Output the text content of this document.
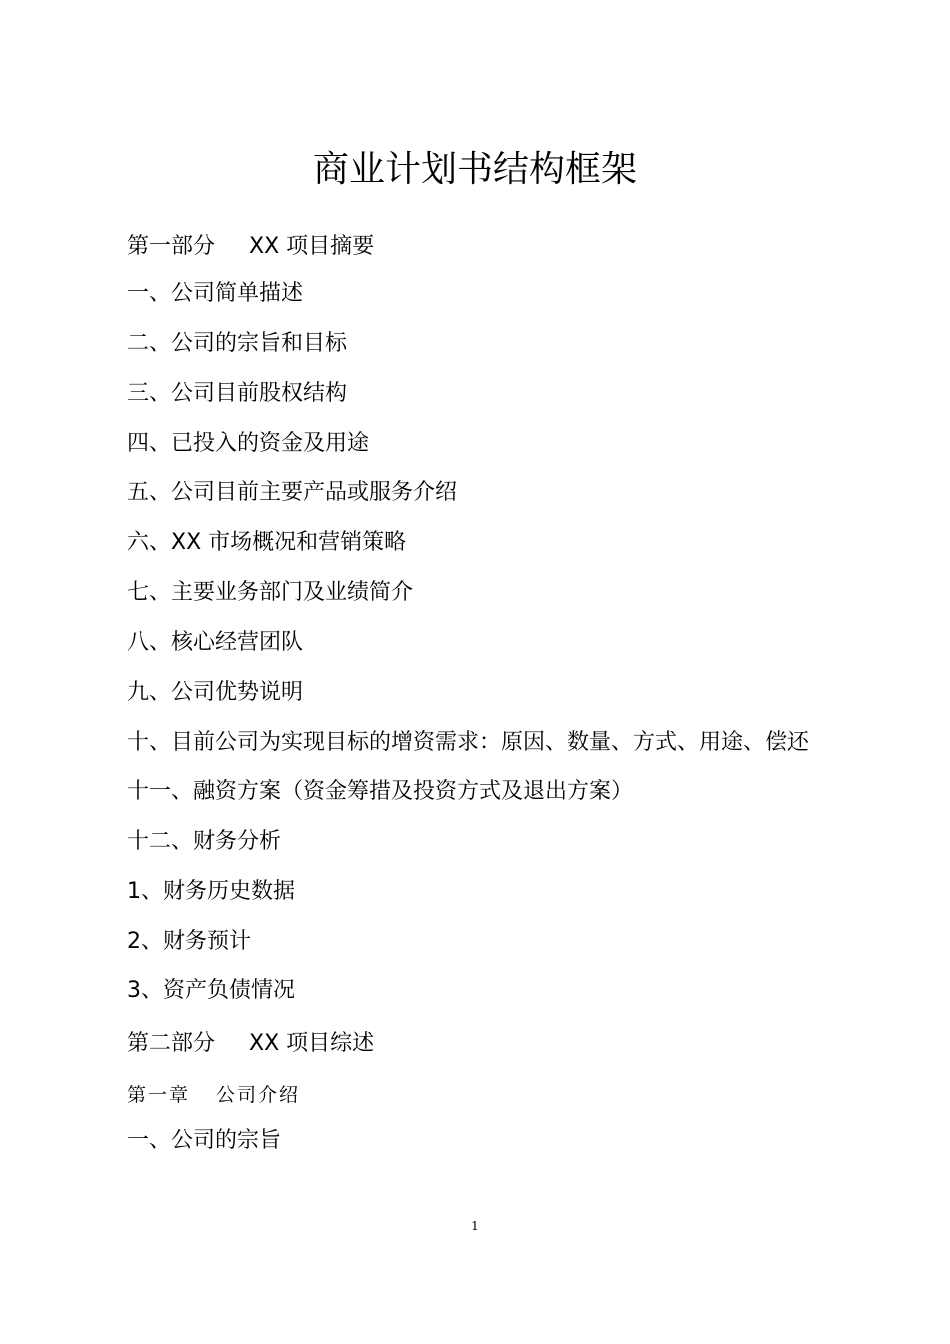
商业计划书结构框架
第一部分 XX 项目摘要
一、公司简单描述
二、公司的宗旨和目标
三、公司目前股权结构
四、已投入的资金及用途
五、公司目前主要产品或服务介绍
六、XX 市场概况和营销策略
七、主要业务部门及业绩简介
八、核心经营团队
九、公司优势说明
十、目前公司为实现目标的增资需求：原因、数量、方式、用途、偿还
十一、融资方案（资金筹措及投资方式及退出方案）
十二、财务分析
1、财务历史数据
2、财务预计
3、资产负债情况
第二部分 XX 项目综述
第一章 公司介绍
一、公司的宗旨
1
